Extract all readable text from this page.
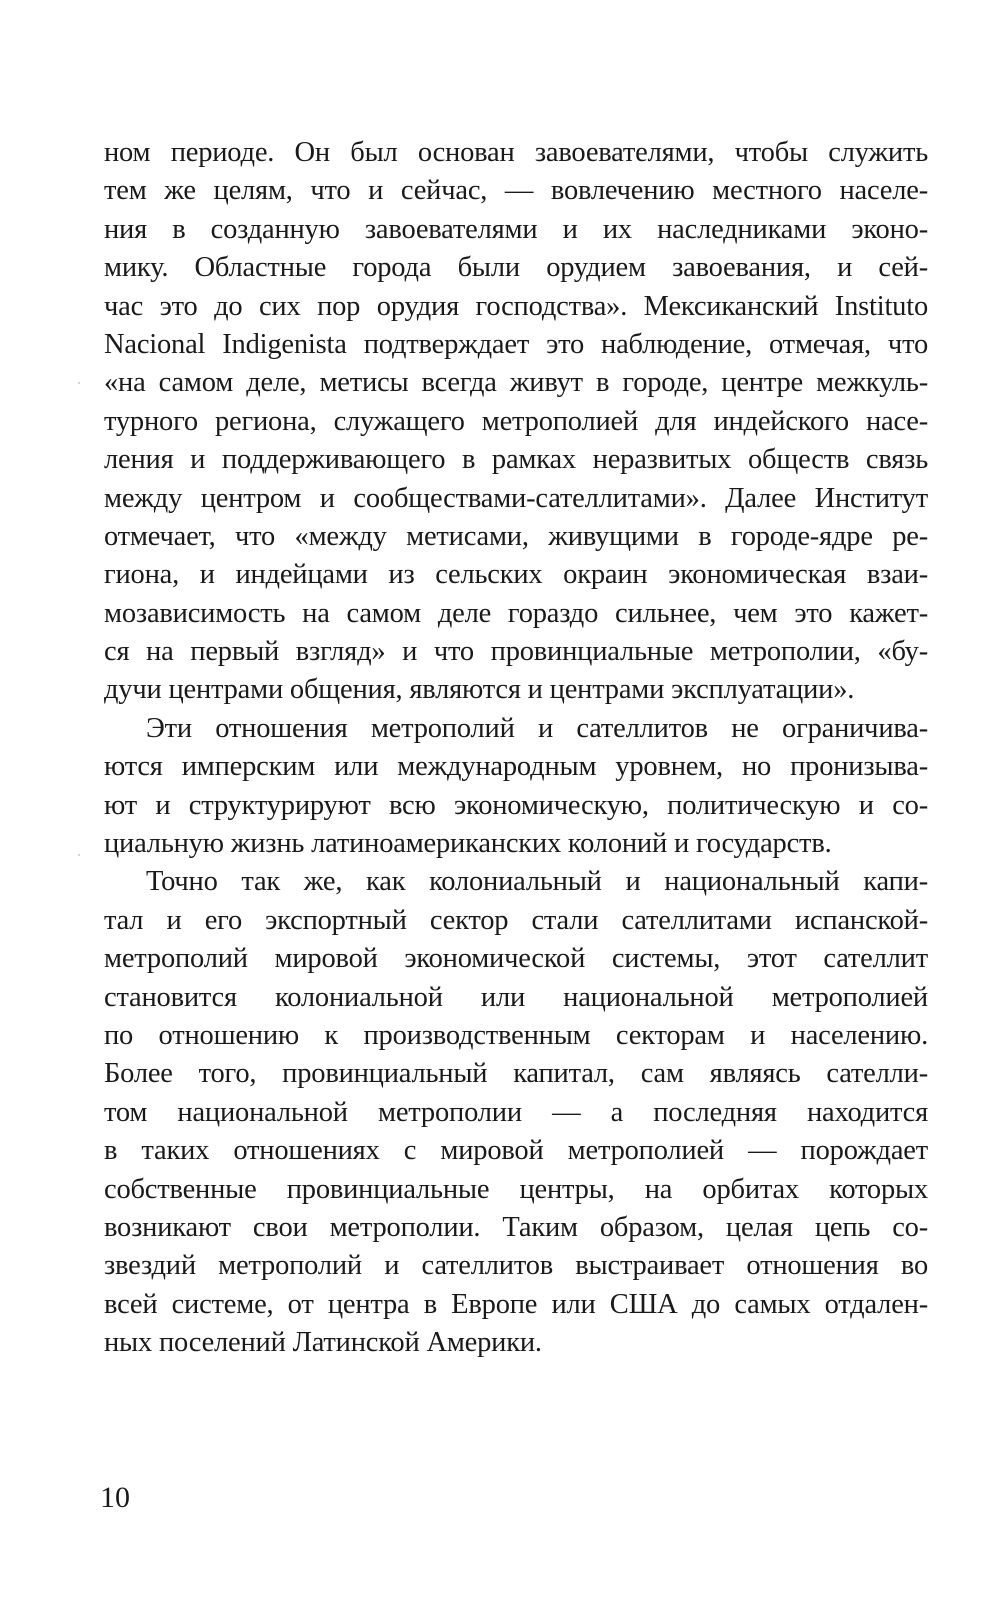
ном периоде. Он был основан завоевателями, чтобы служить
тем же целям, что и сейчас, — вовлечению местного населе-
ния в созданную завоевателями и их наследниками эконо-
мику. Областные города были орудием завоевания, и сей-
час это до сих пор орудия господства». Мексиканский Instituto
Nacional Indigenista подтверждает это наблюдение, отмечая, что
«на самом деле, метисы всегда живут в городе, центре межкуль-
турного региона, служащего метрополией для индейского насе-
ления и поддерживающего в рамках неразвитых обществ связь
между центром и сообществами-сателлитами». Далее Институт
отмечает, что «между метисами, живущими в городе-ядре ре-
гиона, и индейцами из сельских окраин экономическая взаи-
мозависимость на самом деле гораздо сильнее, чем это кажет-
ся на первый взгляд» и что провинциальные метрополии, «бу-
дучи центрами общения, являются и центрами эксплуатации».
Эти отношения метрополий и сателлитов не ограничива-
ются имперским или международным уровнем, но пронизыва-
ют и структурируют всю экономическую, политическую и со-
циальную жизнь латиноамериканских колоний и государств.
Точно так же, как колониальный и национальный капи-
тал и его экспортный сектор стали сателлитами испанской-
метрополий мировой экономической системы, этот сателлит
становится колониальной или национальной метрополией
по отношению к производственным секторам и населению.
Более того, провинциальный капитал, сам являясь сателли-
том национальной метрополии — а последняя находится
в таких отношениях с мировой метрополией — порождает
собственные провинциальные центры, на орбитах которых
возникают свои метрополии. Таким образом, целая цепь со-
звездий метрополий и сателлитов выстраивает отношения во
всей системе, от центра в Европе или США до самых отдален-
ных поселений Латинской Америки.
10
